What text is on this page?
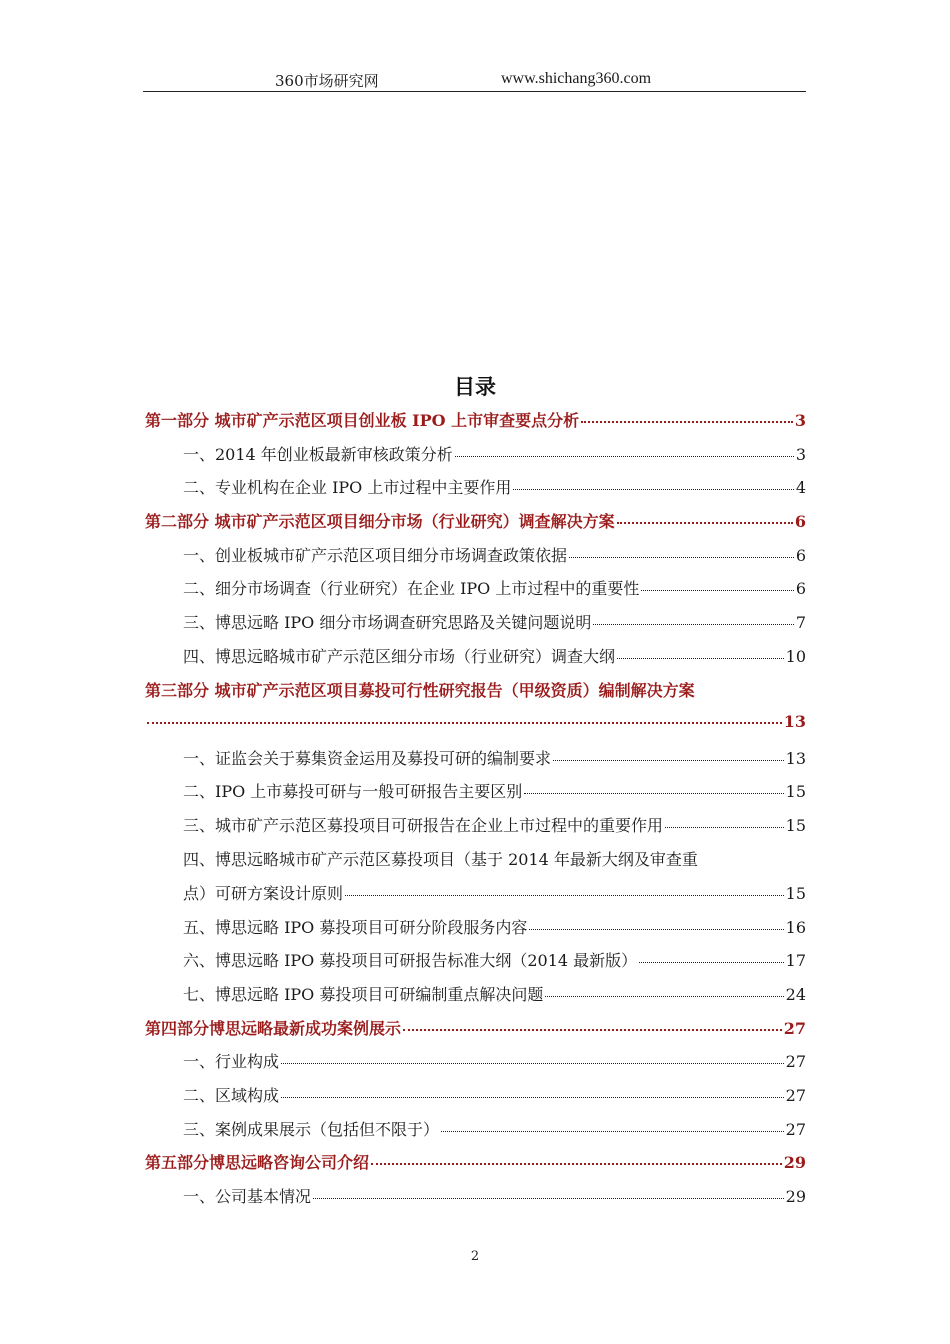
360市场研究网	www.shichang360.com
目录
第一部分 城市矿产示范区项目创业板 IPO 上市审查要点分析	3
一、2014 年创业板最新审核政策分析	3
二、专业机构在企业 IPO 上市过程中主要作用	4
第二部分 城市矿产示范区项目细分市场（行业研究）调查解决方案	6
一、创业板城市矿产示范区项目细分市场调查政策依据	6
二、细分市场调查（行业研究）在企业 IPO 上市过程中的重要性	6
三、博思远略 IPO 细分市场调查研究思路及关键问题说明	7
四、博思远略城市矿产示范区细分市场（行业研究）调查大纲	10
第三部分 城市矿产示范区项目募投可行性研究报告（甲级资质）编制解决方案
13
一、证监会关于募集资金运用及募投可研的编制要求	13
二、IPO 上市募投可研与一般可研报告主要区别	15
三、城市矿产示范区募投项目可研报告在企业上市过程中的重要作用	15
四、博思远略城市矿产示范区募投项目（基于 2014 年最新大纲及审查重
点）可研方案设计原则	15
五、博思远略 IPO 募投项目可研分阶段服务内容	16
六、博思远略 IPO 募投项目可研报告标准大纲（2014 最新版）	17
七、博思远略 IPO 募投项目可研编制重点解决问题	24
第四部分博思远略最新成功案例展示	27
一、行业构成	27
二、区域构成	27
三、案例成果展示（包括但不限于）	27
第五部分博思远略咨询公司介绍	29
一、公司基本情况	29
2
